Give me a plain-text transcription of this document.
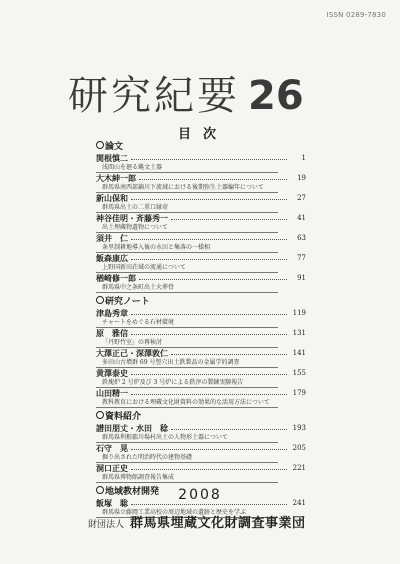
ISSN 0289-7830
研究紀要 26
目次
論文
関根慎二	1
浅間山を廻る縄文土器
大木紳一郎	19
群馬県南西部鏑川下流域における後期弥生土器編年について
新山保和	27
群馬県出土の二重口縁壺
神谷佳明・斉藤秀一	41
出土埋蔵物遺物について
須井　仁	63
条里制耕地導入後の水田と集落の一様相
飯森康広	77
上野国新田荘域の流通について
楢崎修一郎	91
群馬県中之条町出土火葬骨
研究ノート
津島秀章	119
チャートをめぐる石材環境
原　雅信	131
「丹野竹室」の再検討
大澤正己・深澤敦仁	141
多田山古墳群 69 号竪穴出土鉄製品の金属学的調査
黄澤泰史	155
鉄塊炉 2 号炉及び 3 号炉による鉄滓の製錬実験報告
山田精一	179
教科教育における埋蔵文化財資料の効果的な活用方法について
資料紹介
譜田朋丈・水田　稔	193
群馬県利根郡川場村出土の人物形土器について
石守　晃	205
掘り出された明治時代の建物基礎
洞口正史	221
群馬県博物館調査報告集成
地域教材開発
飯塚　聡	241
群馬県立藤岡工業高校の周辺地域の遺跡と歴史を学ぶ
2008
財団法人 群馬県埋蔵文化財調査事業団
